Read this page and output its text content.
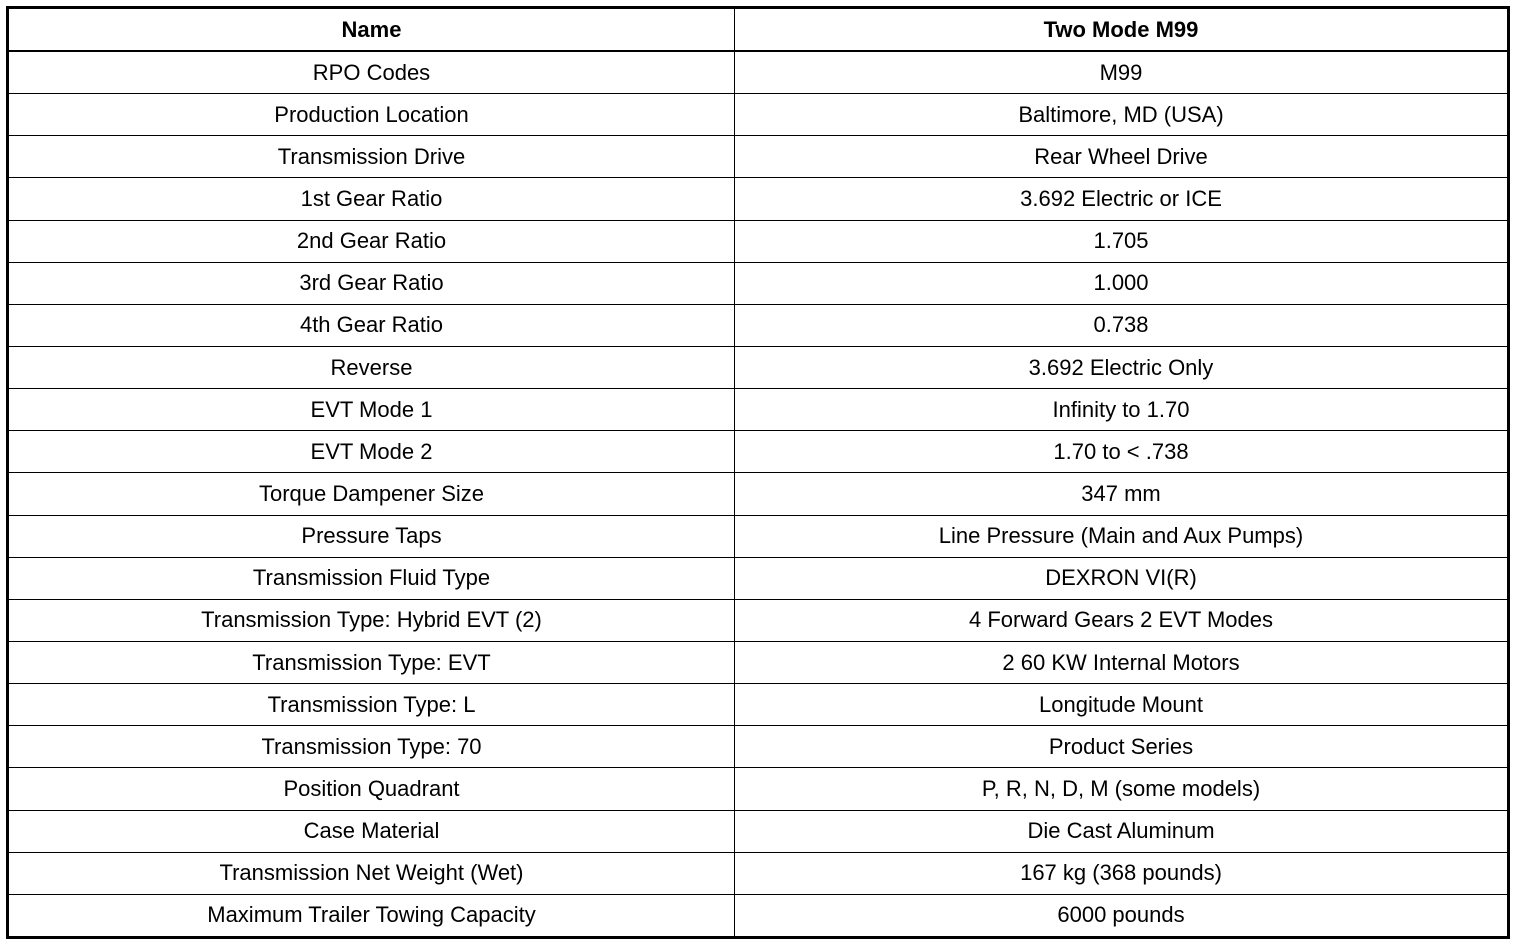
Name	Two Mode M99
RPO Codes	M99
Production Location	Baltimore, MD (USA)
Transmission Drive	Rear Wheel Drive
1st Gear Ratio	3.692 Electric or ICE
2nd Gear Ratio	1.705
3rd Gear Ratio	1.000
4th Gear Ratio	0.738
Reverse	3.692 Electric Only
EVT Mode 1	Infinity to 1.70
EVT Mode 2	1.70 to < .738
Torque Dampener Size	347 mm
Pressure Taps	Line Pressure (Main and Aux Pumps)
Transmission Fluid Type	DEXRON VI(R)
Transmission Type: Hybrid EVT (2)	4 Forward Gears 2 EVT Modes
Transmission Type: EVT	2 60 KW Internal Motors
Transmission Type: L	Longitude Mount
Transmission Type: 70	Product Series
Position Quadrant	P, R, N, D, M (some models)
Case Material	Die Cast Aluminum
Transmission Net Weight (Wet)	167 kg (368 pounds)
Maximum Trailer Towing Capacity	6000 pounds
